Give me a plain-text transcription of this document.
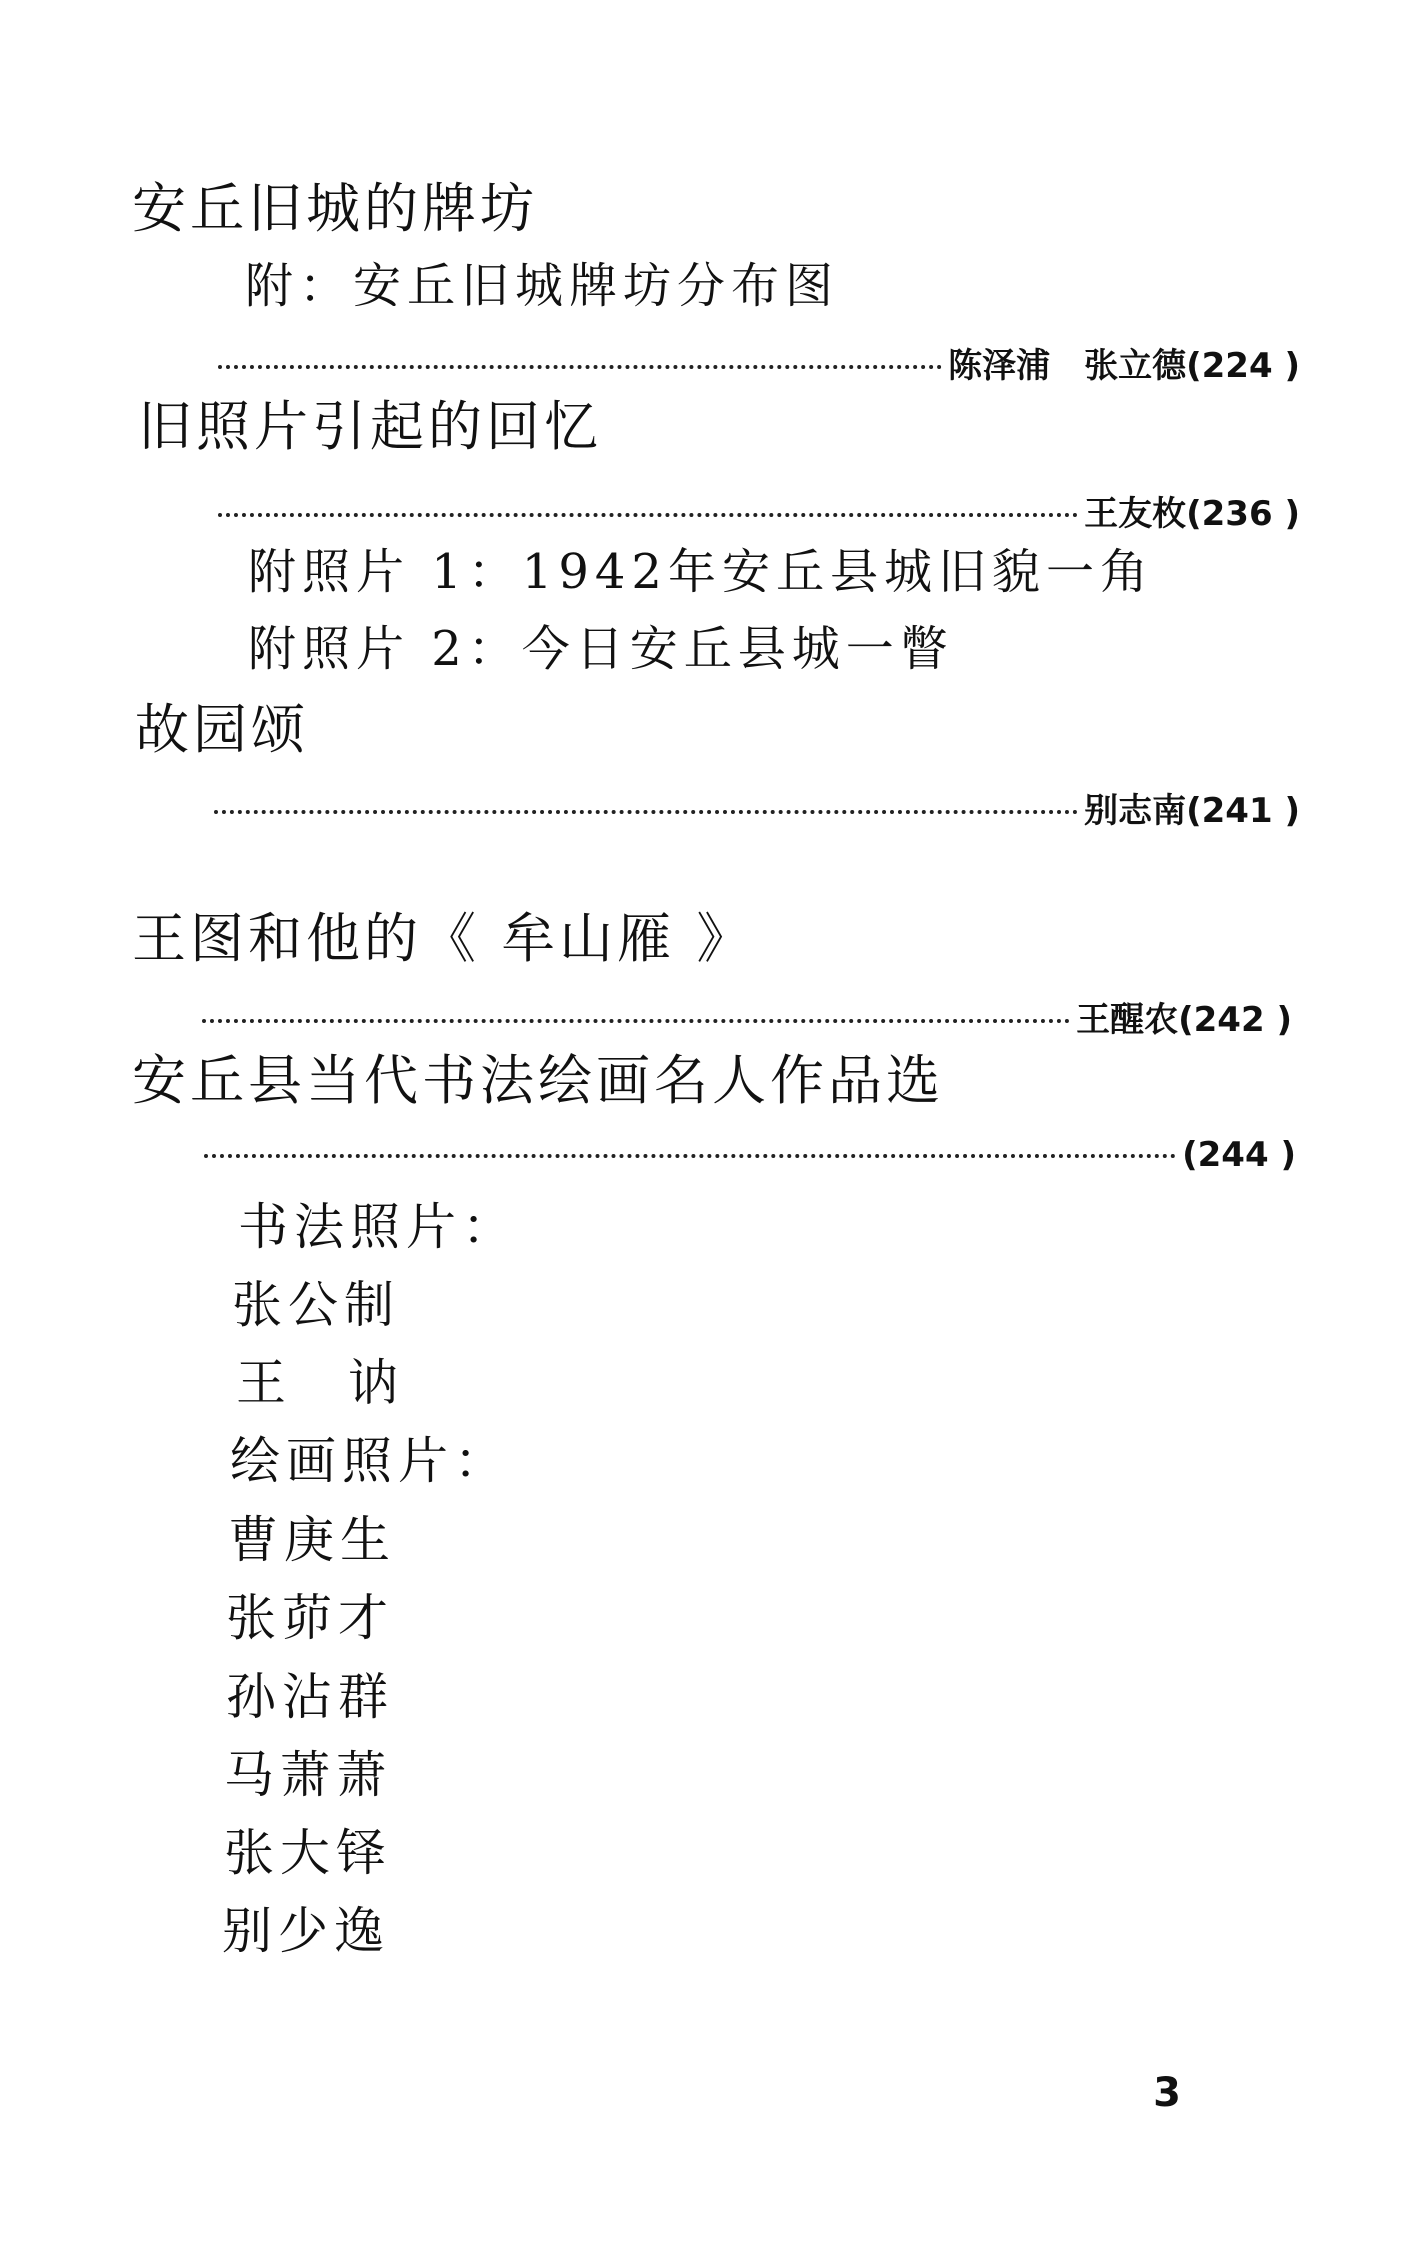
安丘旧城的牌坊
附：安丘旧城牌坊分布图
陈泽浦　张立德(224 )
旧照片引起的回忆
王友枚(236 )
附照片 1：1942年安丘县城旧貌一角
附照片 2：今日安丘县城一瞥
故园颂
别志南(241 )
王图和他的《 牟山雁 》
王醒农(242 )
安丘县当代书法绘画名人作品选
(244 )
书法照片：
张公制
王　讷
绘画照片：
曹庚生
张茆才
孙沾群
马萧萧
张大铎
别少逸
3
